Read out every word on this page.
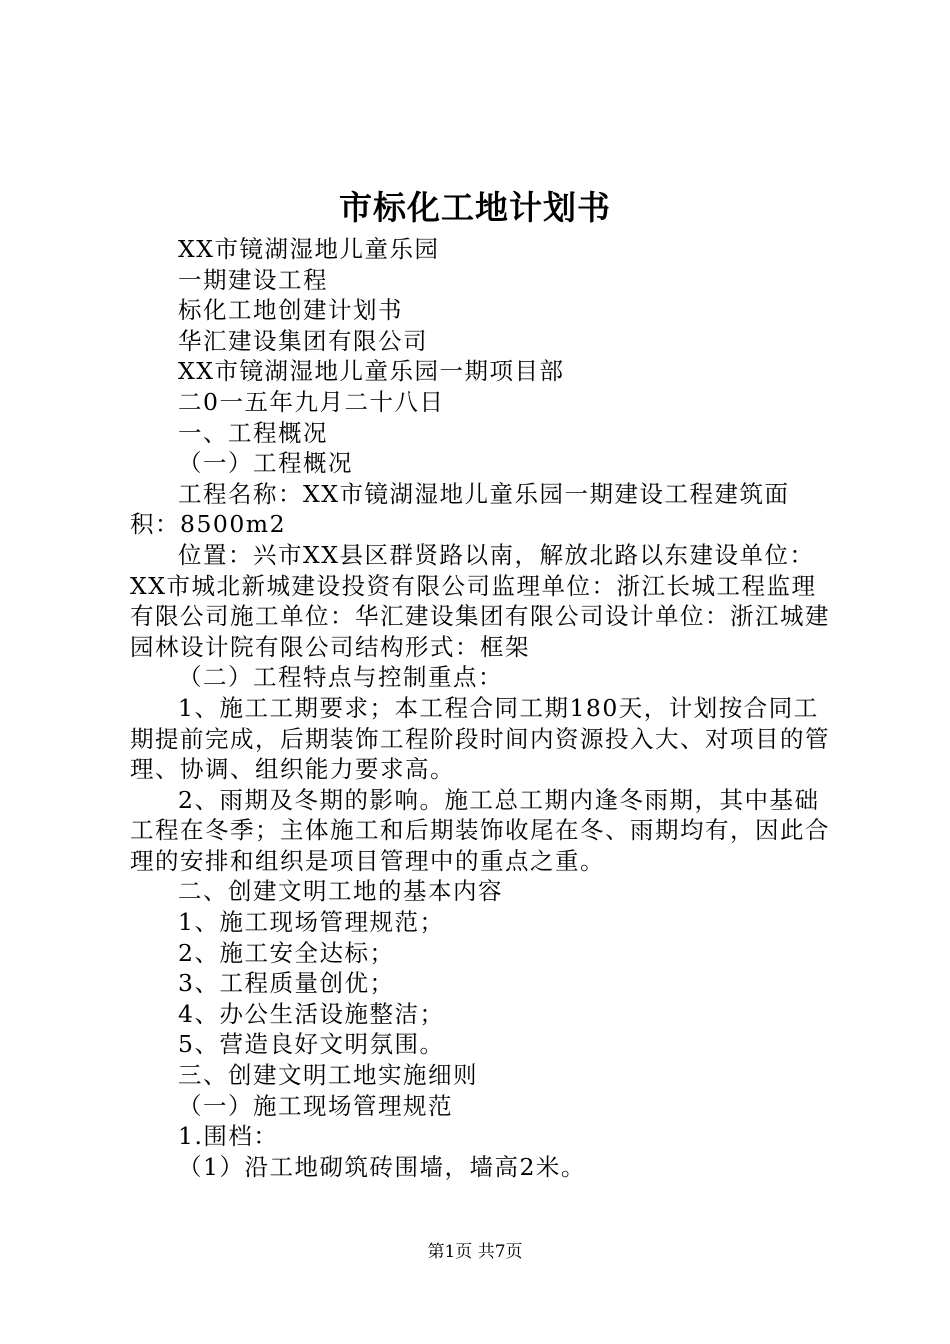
市标化工地计划书

XX市镜湖湿地儿童乐园

一期建设工程

标化工地创建计划书

华汇建设集团有限公司

XX市镜湖湿地儿童乐园一期项目部

二0一五年九月二十八日

一、工程概况

（一）工程概况

工程名称：XX市镜湖湿地儿童乐园一期建设工程建筑面积：8500m2

位置：兴市XX县区群贤路以南，解放北路以东建设单位：XX市城北新城建设投资有限公司监理单位：浙江长城工程监理有限公司施工单位：华汇建设集团有限公司设计单位：浙江城建园林设计院有限公司结构形式：框架

（二）工程特点与控制重点：

1、施工工期要求；本工程合同工期180天，计划按合同工期提前完成，后期装饰工程阶段时间内资源投入大、对项目的管理、协调、组织能力要求高。

2、雨期及冬期的影响。施工总工期内逢冬雨期，其中基础工程在冬季；主体施工和后期装饰收尾在冬、雨期均有，因此合理的安排和组织是项目管理中的重点之重。

二、创建文明工地的基本内容

1、施工现场管理规范；

2、施工安全达标；

3、工程质量创优；

4、办公生活设施整洁；

5、营造良好文明氛围。

三、创建文明工地实施细则

（一）施工现场管理规范

1.围档：

（1）沿工地砌筑砖围墙，墙高2米。

第1页 共7页
